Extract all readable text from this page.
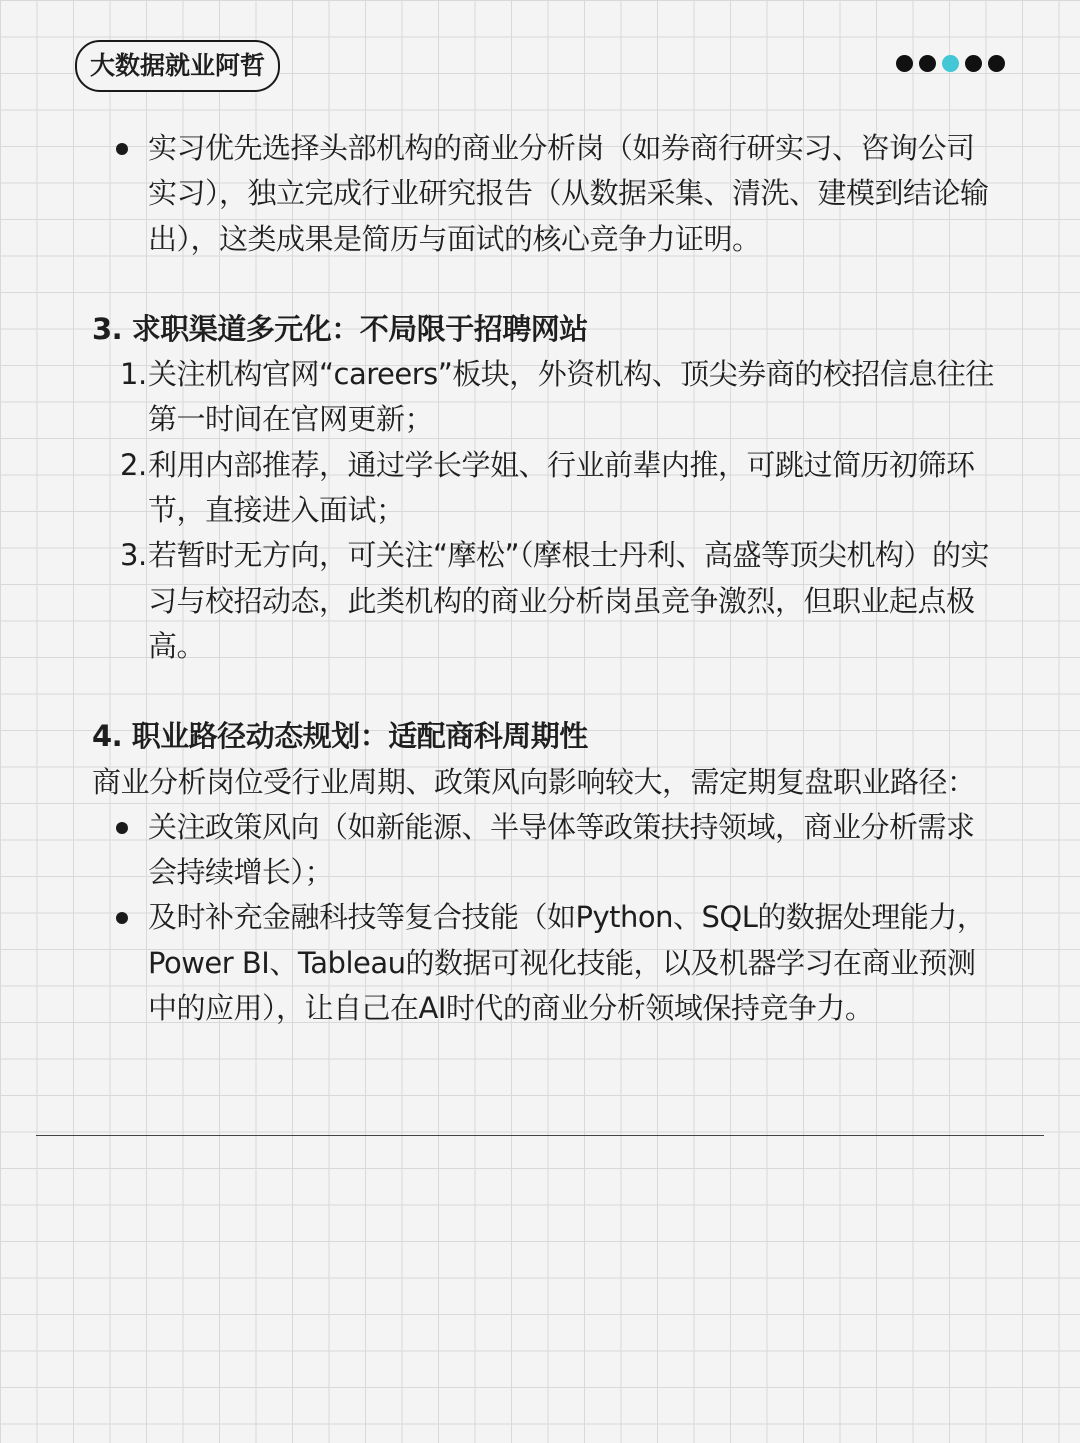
大数据就业阿哲
实习优先选择头部机构的商业分析岗（如券商行研实习、咨询公司实习），独立完成行业研究报告（从数据采集、清洗、建模到结论输出），这类成果是简历与面试的核心竞争力证明。
3. 求职渠道多元化：不局限于招聘网站
1. 关注机构官网“careers”板块，外资机构、顶尖券商的校招信息往往第一时间在官网更新；
2. 利用内部推荐，通过学长学姐、行业前辈内推，可跳过简历初筛环节，直接进入面试；
3. 若暂时无方向，可关注“摩松”（摩根士丹利、高盛等顶尖机构）的实习与校招动态，此类机构的商业分析岗虽竞争激烈，但职业起点极高。
4. 职业路径动态规划：适配商科周期性
商业分析岗位受行业周期、政策风向影响较大，需定期复盘职业路径：
关注政策风向（如新能源、半导体等政策扶持领域，商业分析需求会持续增长）；
及时补充金融科技等复合技能（如Python、SQL的数据处理能力，Power BI、Tableau的数据可视化技能，以及机器学习在商业预测中的应用），让自己在AI时代的商业分析领域保持竞争力。
